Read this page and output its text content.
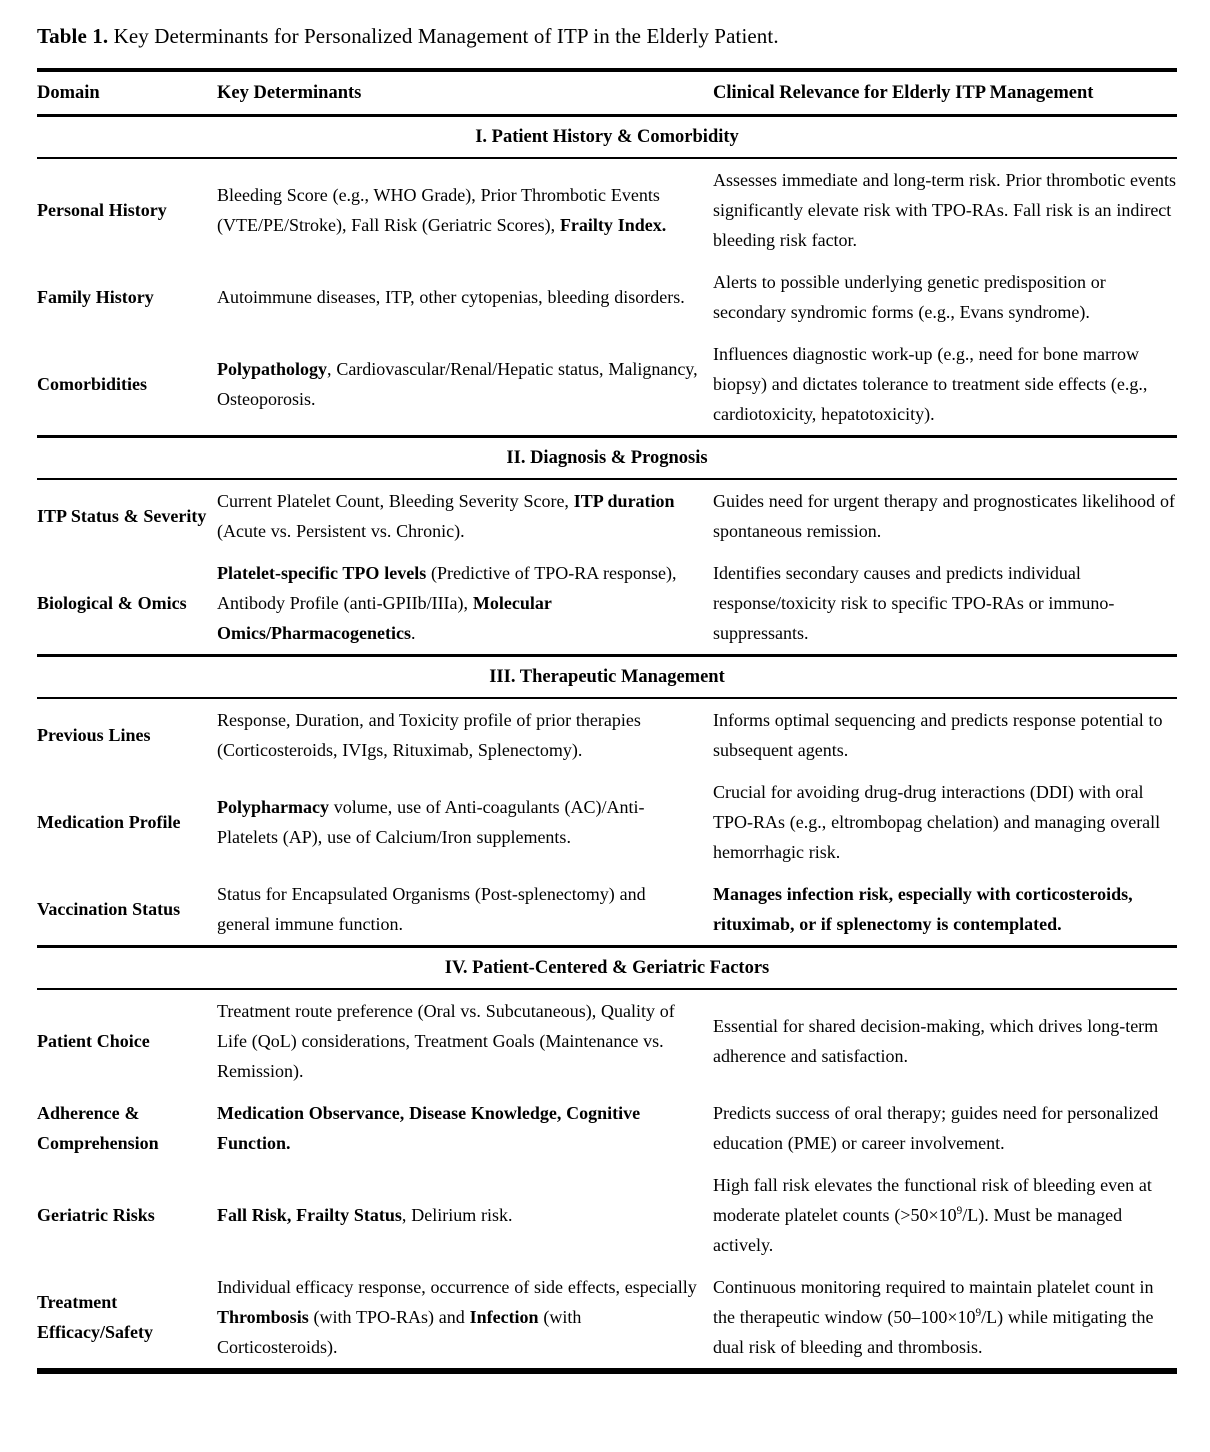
Table 1. Key Determinants for Personalized Management of ITP in the Elderly Patient.

Domain	Key Determinants	Clinical Relevance for Elderly ITP Management
I. Patient History & Comorbidity		
Personal History	Bleeding Score (e.g., WHO Grade), Prior Thrombotic Events (VTE/PE/Stroke), Fall Risk (Geriatric Scores), Frailty Index.	Assesses immediate and long-term risk. Prior thrombotic events significantly elevate risk with TPO-RAs. Fall risk is an indirect bleeding risk factor.
Family History	Autoimmune diseases, ITP, other cytopenias, bleeding disorders.	Alerts to possible underlying genetic predisposition or secondary syndromic forms (e.g., Evans syndrome).
Comorbidities	Polypathology, Cardiovascular/Renal/Hepatic status, Malignancy, Osteoporosis.	Influences diagnostic work-up (e.g., need for bone marrow biopsy) and dictates tolerance to treatment side effects (e.g., cardiotoxicity, hepatotoxicity).
II. Diagnosis & Prognosis		
ITP Status & Severity	Current Platelet Count, Bleeding Severity Score, ITP duration (Acute vs. Persistent vs. Chronic).	Guides need for urgent therapy and prognosticates likelihood of spontaneous remission.
Biological & Omics	Platelet-specific TPO levels (Predictive of TPO-RA response), Antibody Profile (anti-GPIIb/IIIa), Molecular Omics/Pharmacogenetics.	Identifies secondary causes and predicts individual response/toxicity risk to specific TPO-RAs or immuno-suppressants.
III. Therapeutic Management		
Previous Lines	Response, Duration, and Toxicity profile of prior therapies (Corticosteroids, IVIgs, Rituximab, Splenectomy).	Informs optimal sequencing and predicts response potential to subsequent agents.
Medication Profile	Polypharmacy volume, use of Anti-coagulants (AC)/Anti-Platelets (AP), use of Calcium/Iron supplements.	Crucial for avoiding drug-drug interactions (DDI) with oral TPO-RAs (e.g., eltrombopag chelation) and managing overall hemorrhagic risk.
Vaccination Status	Status for Encapsulated Organisms (Post-splenectomy) and general immune function.	Manages infection risk, especially with corticosteroids, rituximab, or if splenectomy is contemplated.
IV. Patient-Centered & Geriatric Factors		
Patient Choice	Treatment route preference (Oral vs. Subcutaneous), Quality of Life (QoL) considerations, Treatment Goals (Maintenance vs. Remission).	Essential for shared decision-making, which drives long-term adherence and satisfaction.
Adherence & Comprehension	Medication Observance, Disease Knowledge, Cognitive Function.	Predicts success of oral therapy; guides need for personalized education (PME) or career involvement.
Geriatric Risks	Fall Risk, Frailty Status, Delirium risk.	High fall risk elevates the functional risk of bleeding even at moderate platelet counts $(>50\times 10^9/L)$. Must be managed actively.
Treatment Efficacy/Safety	Individual efficacy response, occurrence of side effects, especially Thrombosis (with TPO-RAs) and Infection (with Corticosteroids).	Continuous monitoring required to maintain platelet count in the therapeutic window $(50-100\times 10^9/L)$ while mitigating the dual risk of bleeding and thrombosis.
